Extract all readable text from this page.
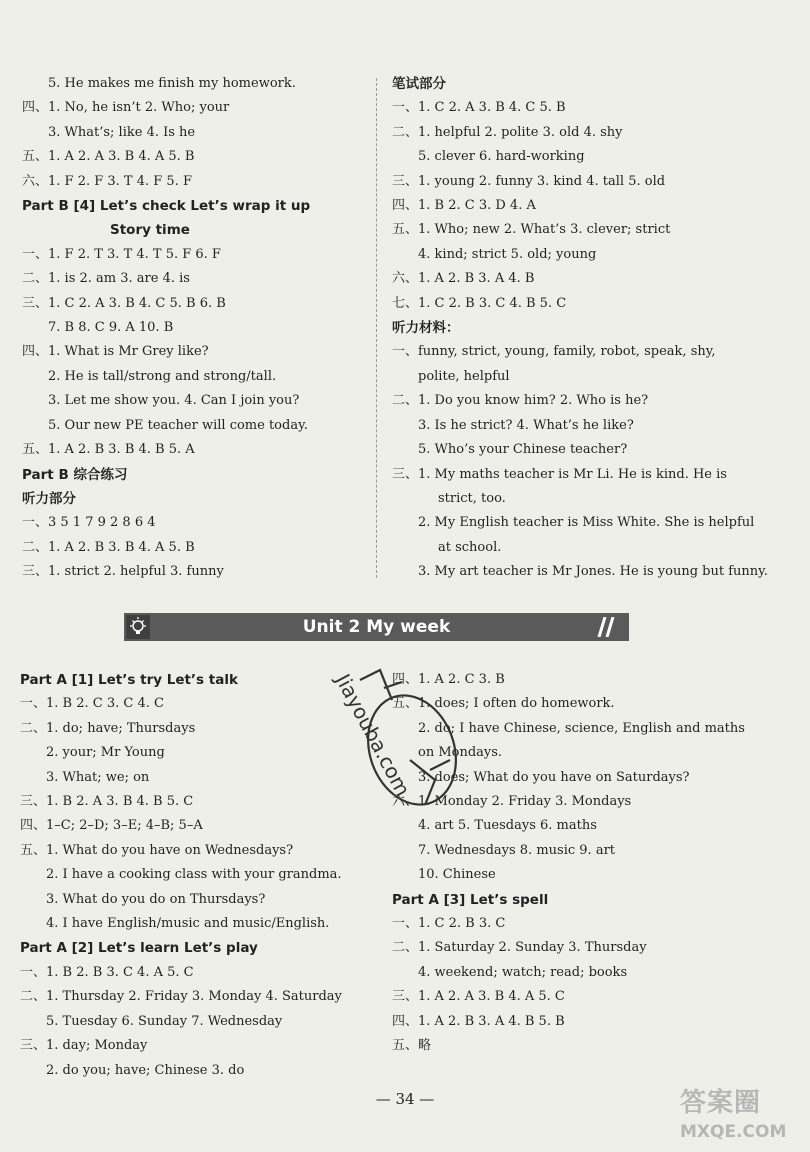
5. He makes me finish my homework.
四、1. No, he isn’t 2. Who; your
3. What’s; like 4. Is he
五、1. A 2. A 3. B 4. A 5. B
六、1. F 2. F 3. T 4. F 5. F
Part B [4] Let’s check Let’s wrap it up
Story time
一、1. F 2. T 3. T 4. T 5. F 6. F
二、1. is 2. am 3. are 4. is
三、1. C 2. A 3. B 4. C 5. B 6. B
7. B 8. C 9. A 10. B
四、1. What is Mr Grey like?
2. He is tall/strong and strong/tall.
3. Let me show you. 4. Can I join you?
5. Our new PE teacher will come today.
五、1. A 2. B 3. B 4. B 5. A
Part B 综合练习
听力部分
一、3 5 1 7 9 2 8 6 4
二、1. A 2. B 3. B 4. A 5. B
三、1. strict 2. helpful 3. funny
笔试部分
一、1. C 2. A 3. B 4. C 5. B
二、1. helpful 2. polite 3. old 4. shy
5. clever 6. hard-working
三、1. young 2. funny 3. kind 4. tall 5. old
四、1. B 2. C 3. D 4. A
五、1. Who; new 2. What’s 3. clever; strict
4. kind; strict 5. old; young
六、1. A 2. B 3. A 4. B
七、1. C 2. B 3. C 4. B 5. C
听力材料：
一、funny, strict, young, family, robot, speak, shy,
polite, helpful
二、1. Do you know him? 2. Who is he?
3. Is he strict? 4. What’s he like?
5. Who’s your Chinese teacher?
三、1. My maths teacher is Mr Li. He is kind. He is
strict, too.
2. My English teacher is Miss White. She is helpful
at school.
3. My art teacher is Mr Jones. He is young but funny.
Unit 2 My week
Part A [1] Let’s try Let’s talk
一、1. B 2. C 3. C 4. C
二、1. do; have; Thursdays
2. your; Mr Young
3. What; we; on
三、1. B 2. A 3. B 4. B 5. C
四、1–C; 2–D; 3–E; 4–B; 5–A
五、1. What do you have on Wednesdays?
2. I have a cooking class with your grandma.
3. What do you do on Thursdays?
4. I have English/music and music/English.
Part A [2] Let’s learn Let’s play
一、1. B 2. B 3. C 4. A 5. C
二、1. Thursday 2. Friday 3. Monday 4. Saturday
5. Tuesday 6. Sunday 7. Wednesday
三、1. day; Monday
2. do you; have; Chinese 3. do
四、1. A 2. C 3. B
五、1. does; I often do homework.
2. do; I have Chinese, science, English and maths
on Mondays.
3. does; What do you have on Saturdays?
六、1. Monday 2. Friday 3. Mondays
4. art 5. Tuesdays 6. maths
7. Wednesdays 8. music 9. art
10. Chinese
Part A [3] Let’s spell
一、1. C 2. B 3. C
二、1. Saturday 2. Sunday 3. Thursday
4. weekend; watch; read; books
三、1. A 2. A 3. B 4. A 5. C
四、1. A 2. B 3. A 4. B 5. B
五、略
Jiayouba.com
— 34 —	答案圈
MXQE.COM
